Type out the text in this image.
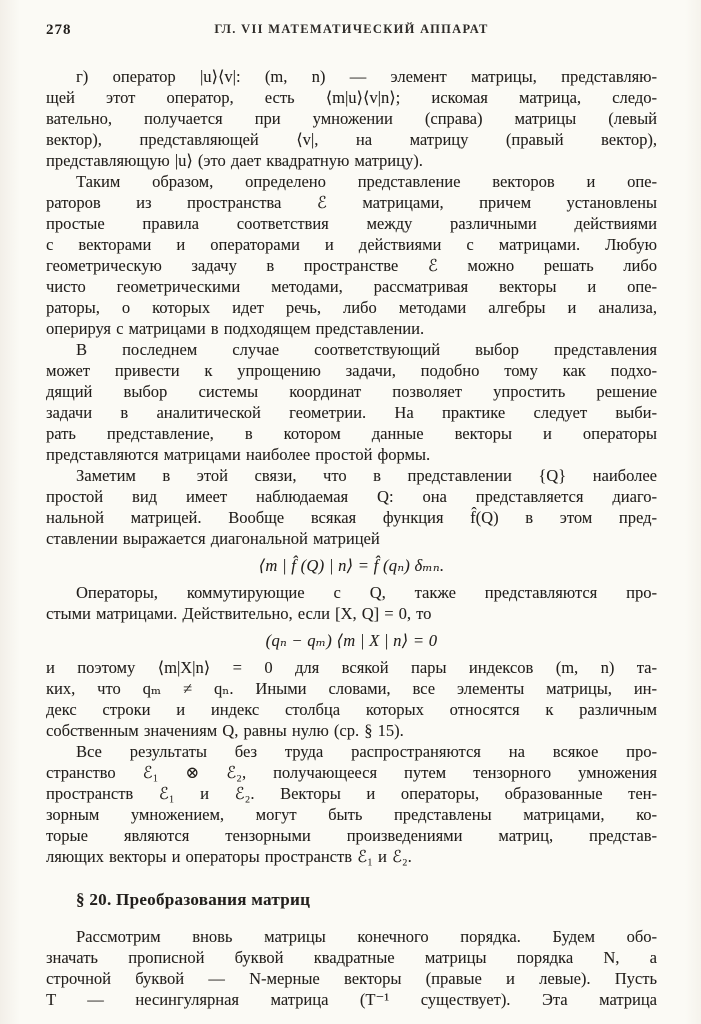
278	ГЛ. VII МАТЕМАТИЧЕСКИЙ АППАРАТ
г) оператор |u⟩⟨v|: (m, n) — элемент матрицы, представляю-
щей этот оператор, есть ⟨m|u⟩⟨v|n⟩; искомая матрица, следо-
вательно, получается при умножении (справа) матрицы (левый
вектор), представляющей ⟨v|, на матрицу (правый вектор),
представляющую |u⟩ (это дает квадратную матрицу).
Таким образом, определено представление векторов и опе-
раторов из пространства ℰ матрицами, причем установлены
простые правила соответствия между различными действиями
с векторами и операторами и действиями с матрицами. Любую
геометрическую задачу в пространстве ℰ можно решать либо
чисто геометрическими методами, рассматривая векторы и опе-
раторы, о которых идет речь, либо методами алгебры и анализа,
оперируя с матрицами в подходящем представлении.
В последнем случае соответствующий выбор представления
может привести к упрощению задачи, подобно тому как подхо-
дящий выбор системы координат позволяет упростить решение
задачи в аналитической геометрии. На практике следует выби-
рать представление, в котором данные векторы и операторы
представляются матрицами наиболее простой формы.
Заметим в этой связи, что в представлении {Q} наиболее
простой вид имеет наблюдаемая Q: она представляется диаго-
нальной матрицей. Вообще всякая функция f̂(Q) в этом пред-
ставлении выражается диагональной матрицей
⟨m | f̂ (Q) | n⟩ = f̂ (qₙ) δₘₙ.
Операторы, коммутирующие с Q, также представляются про-
стыми матрицами. Действительно, если [X, Q] = 0, то
(qₙ − qₘ) ⟨m | X | n⟩ = 0
и поэтому ⟨m|X|n⟩ = 0 для всякой пары индексов (m, n) та-
ких, что qₘ ≠ qₙ. Иными словами, все элементы матрицы, ин-
декс строки и индекс столбца которых относятся к различным
собственным значениям Q, равны нулю (ср. § 15).
Все результаты без труда распространяются на всякое про-
странство ℰ₁ ⊗ ℰ₂, получающееся путем тензорного умножения
пространств ℰ₁ и ℰ₂. Векторы и операторы, образованные тен-
зорным умножением, могут быть представлены матрицами, ко-
торые являются тензорными произведениями матриц, представ-
ляющих векторы и операторы пространств ℰ₁ и ℰ₂.
§ 20. Преобразования матриц
Рассмотрим вновь матрицы конечного порядка. Будем обо-
значать прописной буквой квадратные матрицы порядка N, а
строчной буквой — N-мерные векторы (правые и левые). Пусть
T — несингулярная матрица (T⁻¹ существует). Эта матрица
